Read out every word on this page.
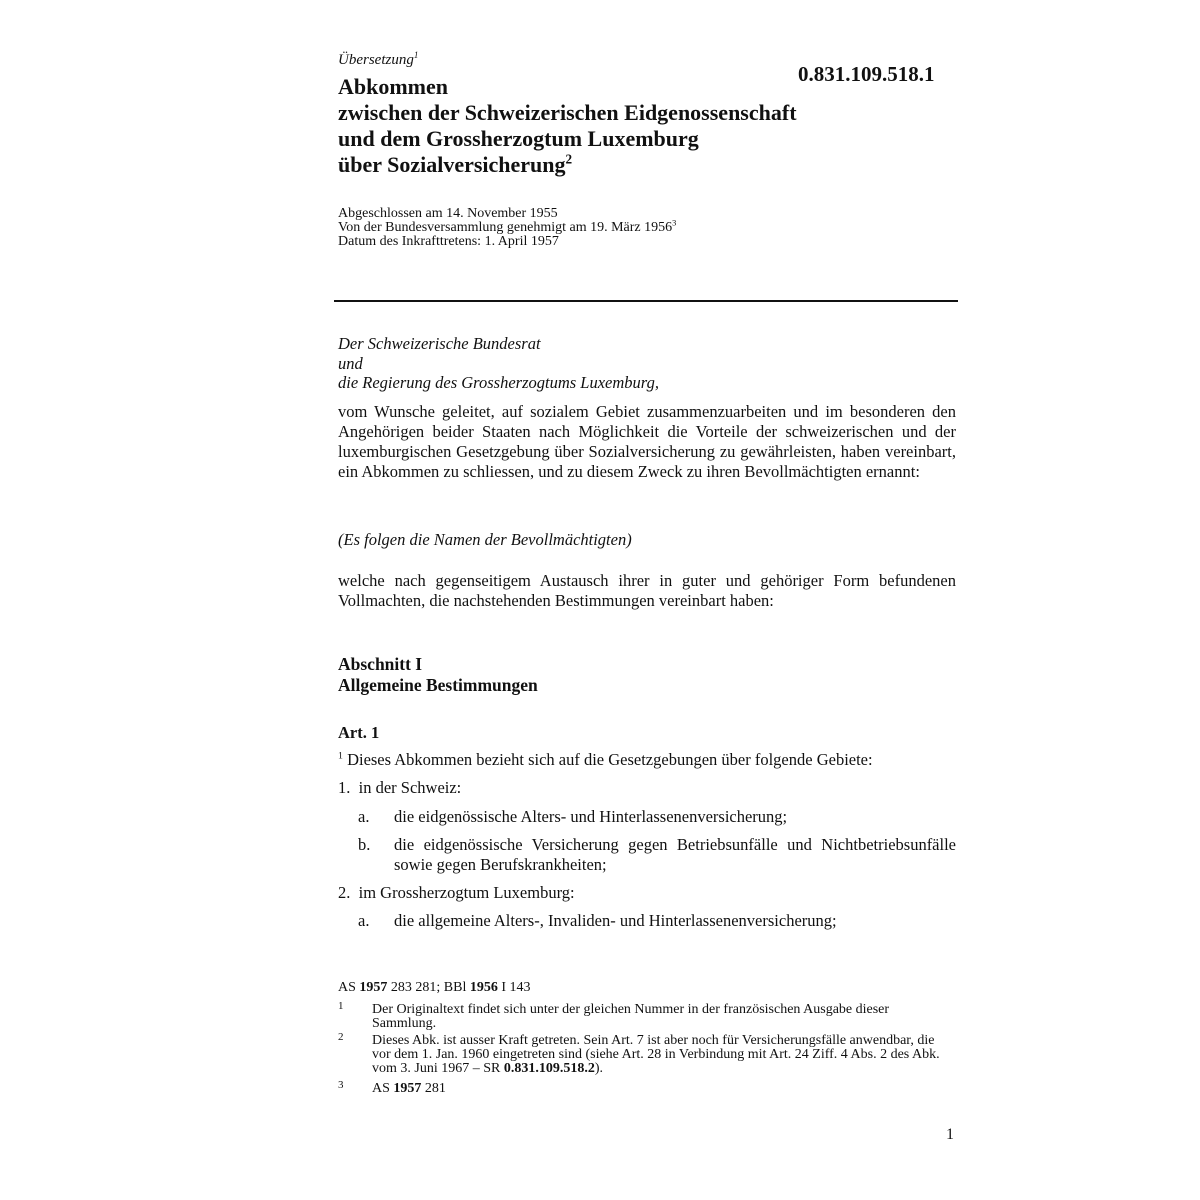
Übersetzung$^1$
0.831.109.518.1
Abkommen
zwischen der Schweizerischen Eidgenossenschaft
und dem Grossherzogtum Luxemburg
über Sozialversicherung$^2$
Abgeschlossen am 14. November 1955
Von der Bundesversammlung genehmigt am 19. März 1956$^3$
Datum des Inkrafttretens: 1. April 1957
Der Schweizerische Bundesrat
und
die Regierung des Grossherzogtums Luxemburg,
vom Wunsche geleitet, auf sozialem Gebiet zusammenzuarbeiten und im besonderen den Angehörigen beider Staaten nach Möglichkeit die Vorteile der schweizerischen und der luxemburgischen Gesetzgebung über Sozialversicherung zu gewährleisten, haben vereinbart, ein Abkommen zu schliessen, und zu diesem Zweck zu ihren Bevollmächtigten ernannt:
(Es folgen die Namen der Bevollmächtigten)
welche nach gegenseitigem Austausch ihrer in guter und gehöriger Form befundenen Vollmachten, die nachstehenden Bestimmungen vereinbart haben:
Abschnitt I
Allgemeine Bestimmungen
Art. 1
$^1$ Dieses Abkommen bezieht sich auf die Gesetzgebungen über folgende Gebiete:
1. in der Schweiz:
a. die eidgenössische Alters- und Hinterlassenenversicherung;
b. die eidgenössische Versicherung gegen Betriebsunfälle und Nichtbetriebsunfälle sowie gegen Berufskrankheiten;
2. im Grossherzogtum Luxemburg:
a. die allgemeine Alters-, Invaliden- und Hinterlassenenversicherung;
AS 1957 283 281; BBl 1956 I 143
1 Der Originaltext findet sich unter der gleichen Nummer in der französischen Ausgabe dieser Sammlung.
2 Dieses Abk. ist ausser Kraft getreten. Sein Art. 7 ist aber noch für Versicherungsfälle anwendbar, die vor dem 1. Jan. 1960 eingetreten sind (siehe Art. 28 in Verbindung mit Art. 24 Ziff. 4 Abs. 2 des Abk. vom 3. Juni 1967 – SR 0.831.109.518.2).
3 AS 1957 281
1
